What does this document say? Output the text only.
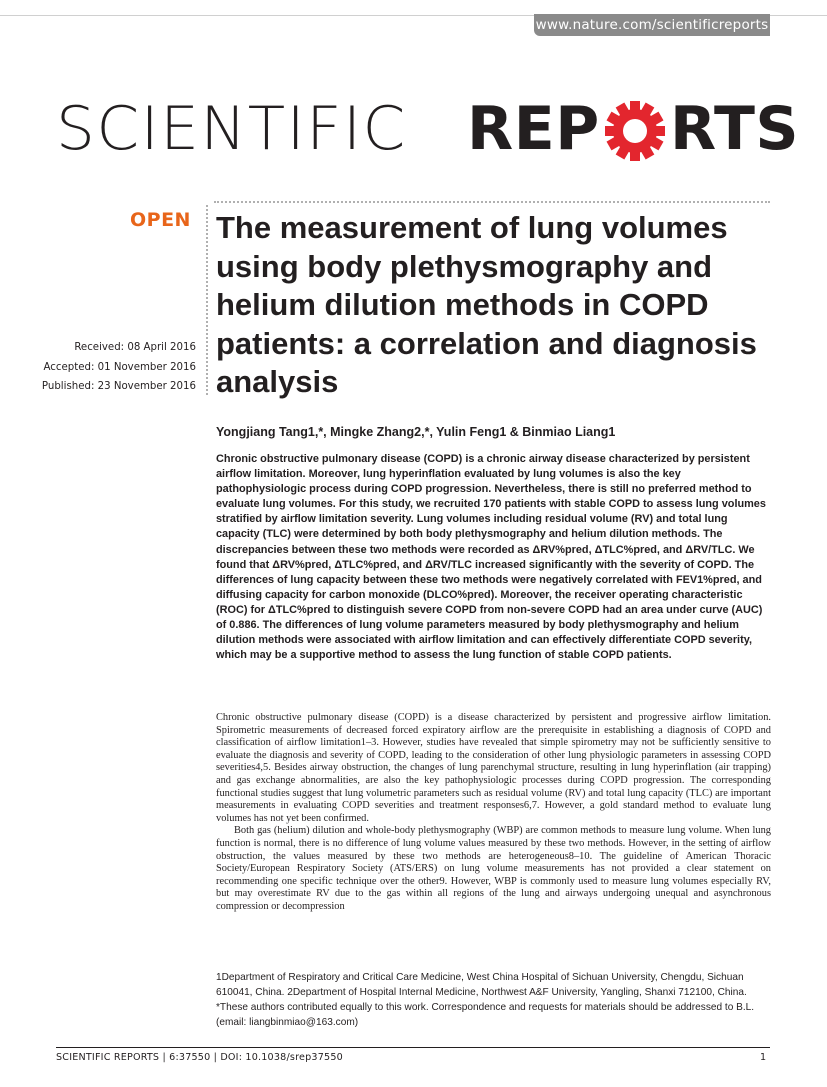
www.nature.com/scientificreports
SCIENTIFIC REP RTS
OPEN The measurement of lung volumes using body plethysmography and helium dilution methods in COPD patients: a correlation and diagnosis analysis
Received: 08 April 2016
Accepted: 01 November 2016
Published: 23 November 2016
Yongjiang Tang1,*, Mingke Zhang2,*, Yulin Feng1 & Binmiao Liang1
Chronic obstructive pulmonary disease (COPD) is a chronic airway disease characterized by persistent airflow limitation. Moreover, lung hyperinflation evaluated by lung volumes is also the key pathophysiologic process during COPD progression. Nevertheless, there is still no preferred method to evaluate lung volumes. For this study, we recruited 170 patients with stable COPD to assess lung volumes stratified by airflow limitation severity. Lung volumes including residual volume (RV) and total lung capacity (TLC) were determined by both body plethysmography and helium dilution methods. The discrepancies between these two methods were recorded as ΔRV%pred, ΔTLC%pred, and ΔRV/TLC. We found that ΔRV%pred, ΔTLC%pred, and ΔRV/TLC increased significantly with the severity of COPD. The differences of lung capacity between these two methods were negatively correlated with FEV1%pred, and diffusing capacity for carbon monoxide (DLCO%pred). Moreover, the receiver operating characteristic (ROC) for ΔTLC%pred to distinguish severe COPD from non-severe COPD had an area under curve (AUC) of 0.886. The differences of lung volume parameters measured by body plethysmography and helium dilution methods were associated with airflow limitation and can effectively differentiate COPD severity, which may be a supportive method to assess the lung function of stable COPD patients.

Chronic obstructive pulmonary disease (COPD) is a disease characterized by persistent and progressive airflow limitation. Spirometric measurements of decreased forced expiratory airflow are the prerequisite in establishing a diagnosis of COPD and classification of airflow limitation1–3. However, studies have revealed that simple spirometry may not be sufficiently sensitive to evaluate the diagnosis and severity of COPD, leading to the consideration of other lung physiologic parameters in assessing COPD severities4,5. Besides airway obstruction, the changes of lung parenchymal structure, resulting in lung hyperinflation (air trapping) and gas exchange abnormalities, are also the key pathophysiologic processes during COPD progression. The corresponding functional studies suggest that lung volumetric parameters such as residual volume (RV) and total lung capacity (TLC) are important measurements in evaluating COPD severities and treatment responses6,7. However, a gold standard method to evaluate lung volumes has not yet been confirmed.

Both gas (helium) dilution and whole-body plethysmography (WBP) are common methods to measure lung volume. When lung function is normal, there is no difference of lung volume values measured by these two methods. However, in the setting of airflow obstruction, the values measured by these two methods are heterogeneous8–10. The guideline of American Thoracic Society/European Respiratory Society (ATS/ERS) on lung volume measurements has not provided a clear statement on recommending one specific technique over the other9. However, WBP is commonly used to measure lung volumes especially RV, but may overestimate RV due to the gas within all regions of the lung and airways undergoing unequal and asynchronous compression or decompression

1Department of Respiratory and Critical Care Medicine, West China Hospital of Sichuan University, Chengdu, Sichuan 610041, China. 2Department of Hospital Internal Medicine, Northwest A&F University, Yangling, Shanxi 712100, China. *These authors contributed equally to this work. Correspondence and requests for materials should be addressed to B.L. (email: liangbinmiao@163.com)
SCIENTIFIC REPORTS | 6:37550 | DOI: 10.1038/srep37550	1
